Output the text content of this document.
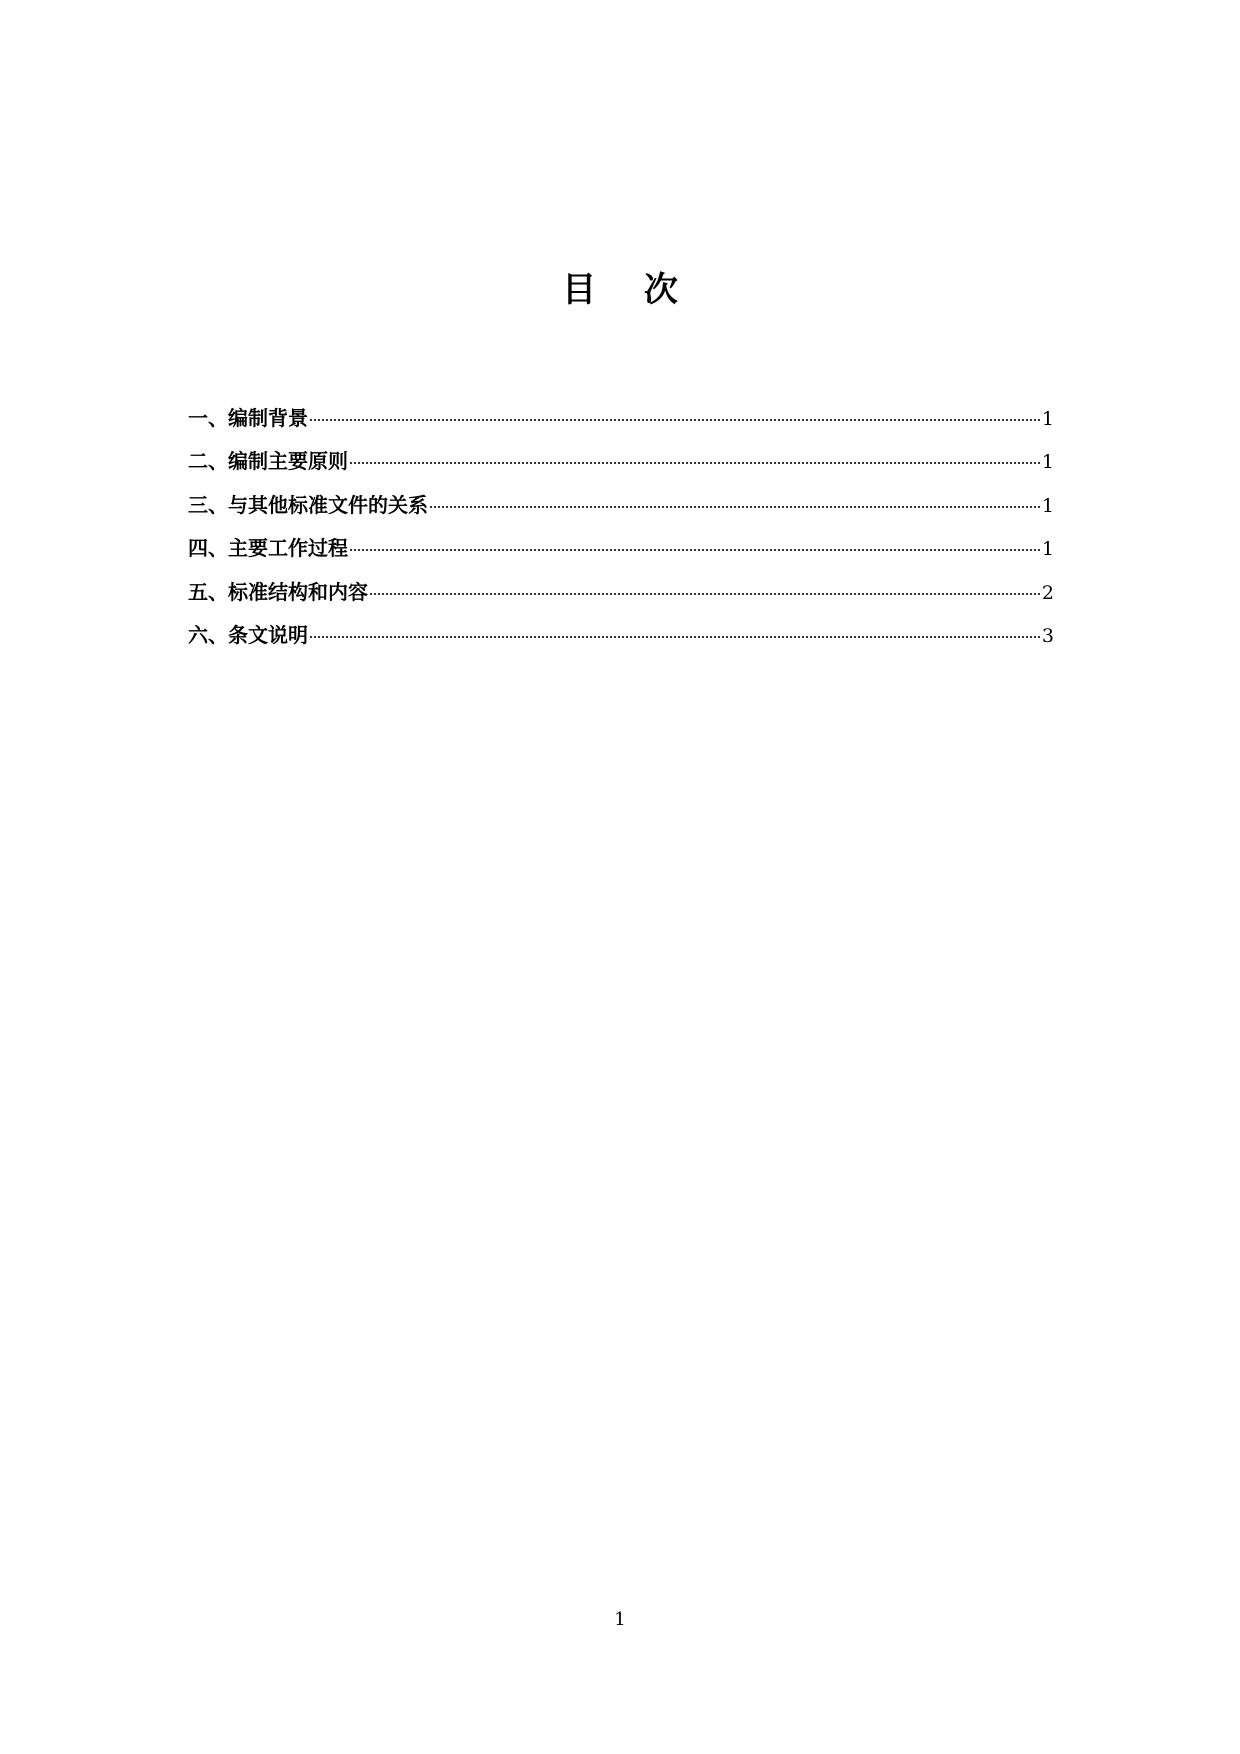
目 次
一、编制背景	1
二、编制主要原则	1
三、与其他标准文件的关系	1
四、主要工作过程	1
五、标准结构和内容	2
六、条文说明	3
1
